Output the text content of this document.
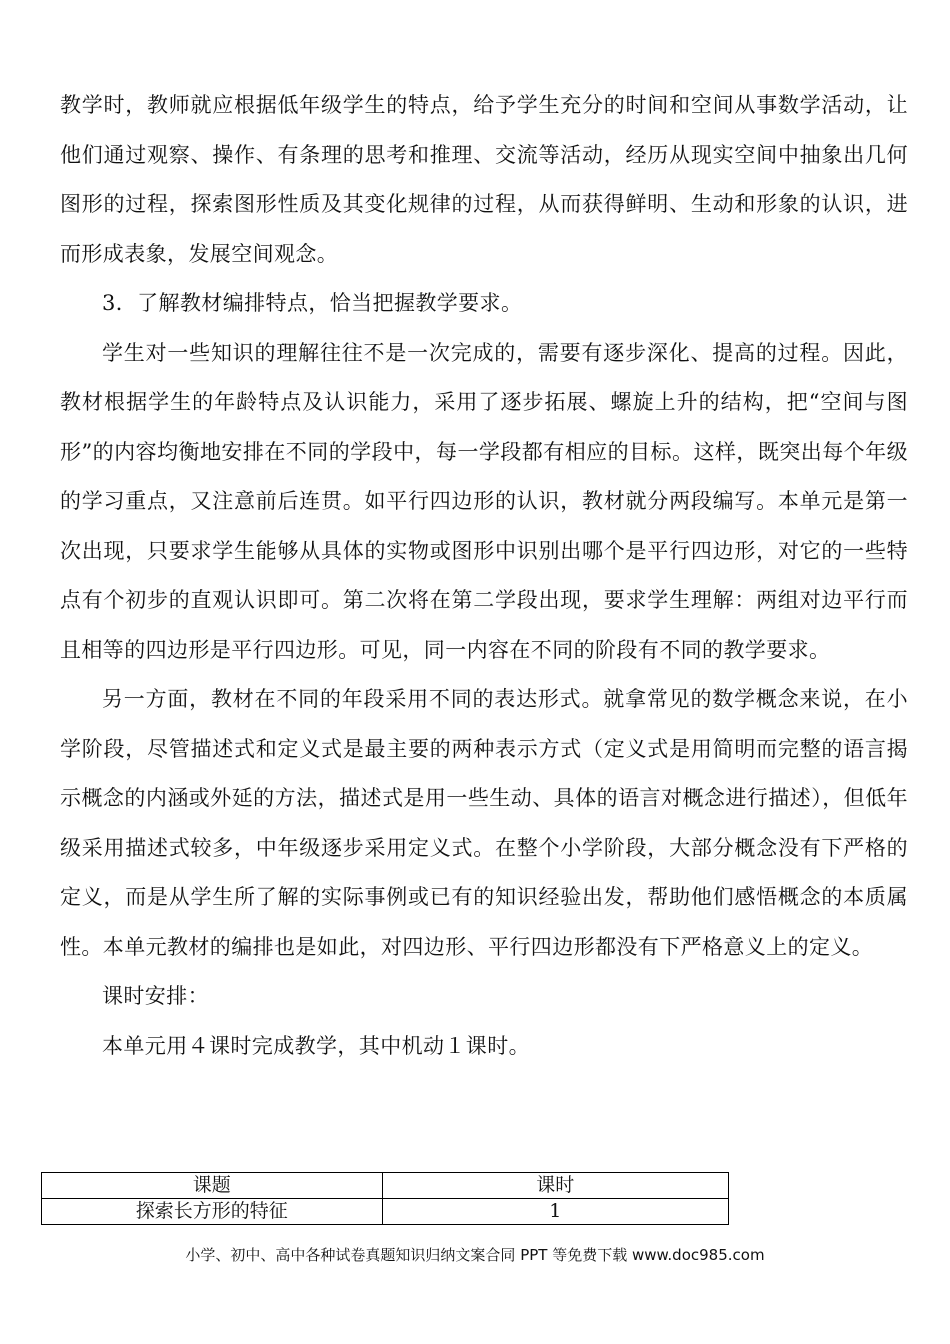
教学时，教师就应根据低年级学生的特点，给予学生充分的时间和空间从事数学活动，让他们通过观察、操作、有条理的思考和推理、交流等活动，经历从现实空间中抽象出几何图形的过程，探索图形性质及其变化规律的过程，从而获得鲜明、生动和形象的认识，进而形成表象，发展空间观念。

3．了解教材编排特点，恰当把握教学要求。

学生对一些知识的理解往往不是一次完成的，需要有逐步深化、提高的过程。因此，教材根据学生的年龄特点及认识能力，采用了逐步拓展、螺旋上升的结构，把“空间与图形”的内容均衡地安排在不同的学段中，每一学段都有相应的目标。这样，既突出每个年级的学习重点，又注意前后连贯。如平行四边形的认识，教材就分两段编写。本单元是第一次出现，只要求学生能够从具体的实物或图形中识别出哪个是平行四边形，对它的一些特点有个初步的直观认识即可。第二次将在第二学段出现，要求学生理解：两组对边平行而且相等的四边形是平行四边形。可见，同一内容在不同的阶段有不同的教学要求。

另一方面，教材在不同的年段采用不同的表达形式。就拿常见的数学概念来说，在小学阶段，尽管描述式和定义式是最主要的两种表示方式（定义式是用简明而完整的语言揭示概念的内涵或外延的方法，描述式是用一些生动、具体的语言对概念进行描述），但低年级采用描述式较多，中年级逐步采用定义式。在整个小学阶段，大部分概念没有下严格的定义，而是从学生所了解的实际事例或已有的知识经验出发，帮助他们感悟概念的本质属性。本单元教材的编排也是如此，对四边形、平行四边形都没有下严格意义上的定义。

课时安排：

本单元用４课时完成教学，其中机动１课时。

课题	课时
探索长方形的特征	1
小学、初中、高中各种试卷真题知识归纳文案合同 PPT 等免费下载 www.doc985.com
